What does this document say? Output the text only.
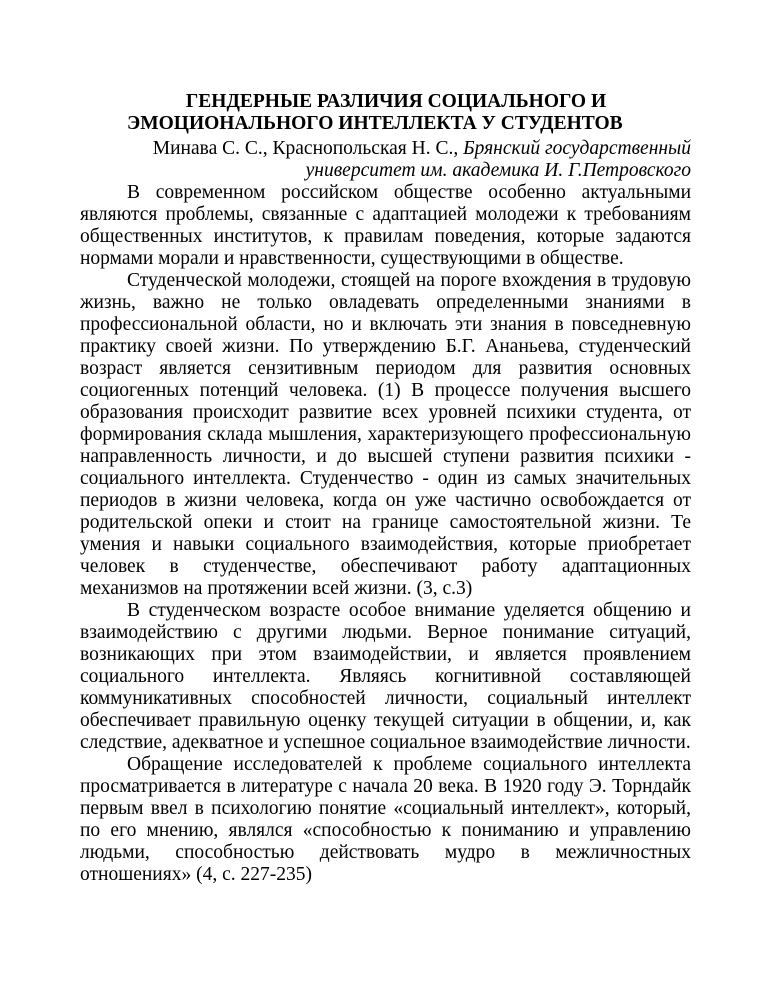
ГЕНДЕРНЫЕ РАЗЛИЧИЯ СОЦИАЛЬНОГО И
ЭМОЦИОНАЛЬНОГО ИНТЕЛЛЕКТА У СТУДЕНТОВ
Минава С. С., Краснопольская Н. С., Брянский государственный
университет им. академика И. Г.Петровского

В современном российском обществе особенно актуальными являются проблемы, связанные с адаптацией молодежи к требованиям общественных институтов, к правилам поведения, которые задаются нормами морали и нравственности, существующими в обществе.

Студенческой молодежи, стоящей на пороге вхождения в трудовую жизнь, важно не только овладевать определенными знаниями в профессиональной области, но и включать эти знания в повседневную практику своей жизни. По утверждению Б.Г. Ананьева, студенческий возраст является сензитивным периодом для развития основных социогенных потенций человека. (1) В процессе получения высшего образования происходит развитие всех уровней психики студента, от формирования склада мышления, характеризующего профессиональную направленность личности, и до высшей ступени развития психики - социального интеллекта. Студенчество - один из самых значительных периодов в жизни человека, когда он уже частично освобождается от родительской опеки и стоит на границе самостоятельной жизни. Те умения и навыки социального взаимодействия, которые приобретает человек в студенчестве, обеспечивают работу адаптационных механизмов на протяжении всей жизни. (3, с.3)

В студенческом возрасте особое внимание уделяется общению и взаимодействию с другими людьми. Верное понимание ситуаций, возникающих при этом взаимодействии, и является проявлением социального интеллекта. Являясь когнитивной составляющей коммуникативных способностей личности, социальный интеллект обеспечивает правильную оценку текущей ситуации в общении, и, как следствие, адекватное и успешное социальное взаимодействие личности.

Обращение исследователей к проблеме социального интеллекта просматривается в литературе с начала 20 века. В 1920 году Э. Торндайк первым ввел в психологию понятие «социальный интеллект», который, по его мнению, являлся «способностью к пониманию и управлению людьми, способностью действовать мудро в межличностных отношениях» (4, с. 227-235)
